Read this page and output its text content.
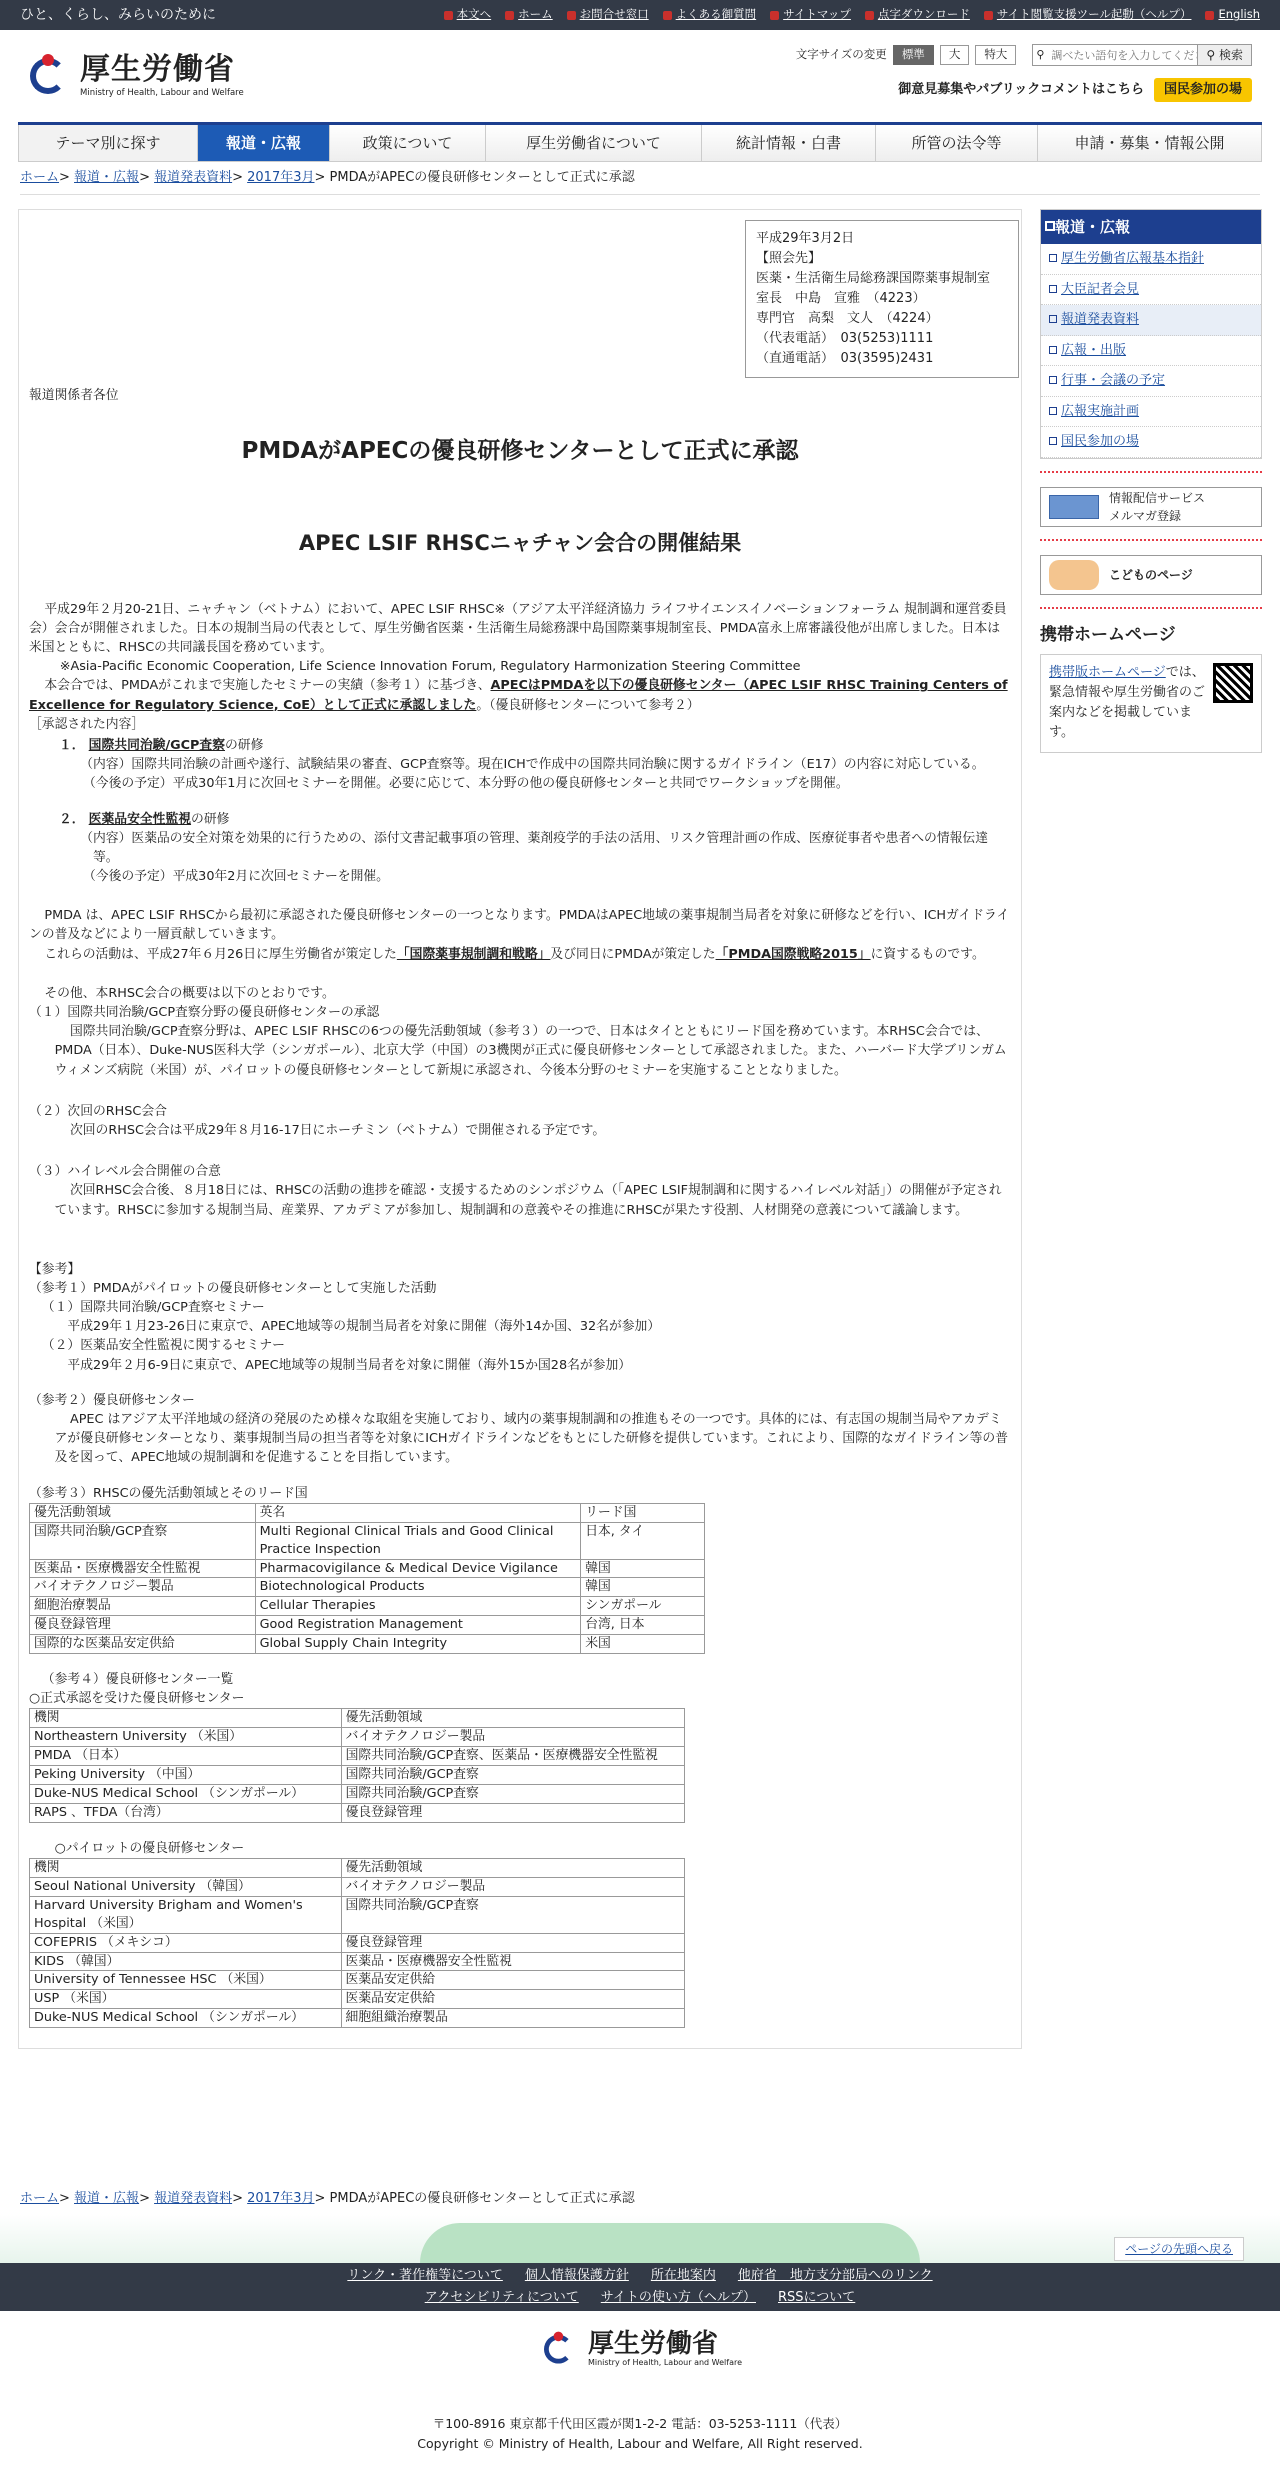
ひと、くらし、みらいのために	本文へ ホーム お問合せ窓口 よくある御質問 サイトマップ 点字ダウンロード サイト閲覧支援ツール起動（ヘルプ） English
厚生労働省
Ministry of Health, Labour and Welfare
文字サイズの変更	標準	大	特大	⚲
調べたい語句を入力してください	⚲ 検索
御意見募集やパブリックコメントはこちら	国民参加の場
テーマ別に探す	報道・広報	政策について	厚生労働省について	統計情報・白書	所管の法令等	申請・募集・情報公開
ホーム> 報道・広報> 報道発表資料> 2017年3月> PMDAがAPECの優良研修センターとして正式に承認
平成29年3月2日
【照会先】
医薬・生活衛生局総務課国際薬事規制室
室長　中島　宣雅　（4223）
専門官　高梨　文人　（4224）
（代表電話）　03(5253)1111
（直通電話）　03(3595)2431
報道関係者各位
PMDAがAPECの優良研修センターとして正式に承認
APEC LSIF RHSCニャチャン会合の開催結果
平成29年２月20-21日、ニャチャン（ベトナム）において、APEC LSIF RHSC※（アジア太平洋経済協力 ライフサイエンスイノベーションフォーラム 規制調和運営委員会）会合が開催されました。日本の規制当局の代表として、厚生労働省医薬・生活衛生局総務課中島国際薬事規制室長、PMDA富永上席審議役他が出席しました。日本は米国とともに、RHSCの共同議長国を務めています。
※Asia-Pacific Economic Cooperation, Life Science Innovation Forum, Regulatory Harmonization Steering Committee
本会合では、PMDAがこれまで実施したセミナーの実績（参考１）に基づき、APECはPMDAを以下の優良研修センター（APEC LSIF RHSC Training Centers of Excellence for Regulatory Science, CoE）として正式に承認しました。（優良研修センターについて参考２）
［承認された内容］
１． 国際共同治験/GCP査察の研修
（内容）国際共同治験の計画や遂行、試験結果の審査、GCP査察等。現在ICHで作成中の国際共同治験に関するガイドライン（E17）の内容に対応している。
（今後の予定）平成30年1月に次回セミナーを開催。必要に応じて、本分野の他の優良研修センターと共同でワークショップを開催。
２． 医薬品安全性監視の研修
（内容）医薬品の安全対策を効果的に行うための、添付文書記載事項の管理、薬剤疫学的手法の活用、リスク管理計画の作成、医療従事者や患者への情報伝達等。
（今後の予定）平成30年2月に次回セミナーを開催。
PMDA は、APEC LSIF RHSCから最初に承認された優良研修センターの一つとなります。PMDAはAPEC地域の薬事規制当局者を対象に研修などを行い、ICHガイドラインの普及などにより一層貢献していきます。
これらの活動は、平成27年６月26日に厚生労働省が策定した「国際薬事規制調和戦略」及び同日にPMDAが策定した「PMDA国際戦略2015」に資するものです。
その他、本RHSC会合の概要は以下のとおりです。
（１）国際共同治験/GCP査察分野の優良研修センターの承認
国際共同治験/GCP査察分野は、APEC LSIF RHSCの6つの優先活動領域（参考３）の一つで、日本はタイとともにリード国を務めています。本RHSC会合では、PMDA（日本）、Duke-NUS医科大学（シンガポール）、北京大学（中国）の3機関が正式に優良研修センターとして承認されました。また、ハーバード大学ブリンガムウィメンズ病院（米国）が、パイロットの優良研修センターとして新規に承認され、今後本分野のセミナーを実施することとなりました。
（２）次回のRHSC会合
次回のRHSC会合は平成29年８月16-17日にホーチミン（ベトナム）で開催される予定です。
（３）ハイレベル会合開催の合意
次回RHSC会合後、８月18日には、RHSCの活動の進捗を確認・支援するためのシンポジウム（「APEC LSIF規制調和に関するハイレベル対話」）の開催が予定されています。RHSCに参加する規制当局、産業界、アカデミアが参加し、規制調和の意義やその推進にRHSCが果たす役割、人材開発の意義について議論します。
【参考】
（参考１）PMDAがパイロットの優良研修センターとして実施した活動
（１）国際共同治験/GCP査察セミナー
平成29年１月23-26日に東京で、APEC地域等の規制当局者を対象に開催（海外14か国、32名が参加）
（２）医薬品安全性監視に関するセミナー
平成29年２月6-9日に東京で、APEC地域等の規制当局者を対象に開催（海外15か国28名が参加）
（参考２）優良研修センター
APEC はアジア太平洋地域の経済の発展のため様々な取組を実施しており、域内の薬事規制調和の推進もその一つです。具体的には、有志国の規制当局やアカデミアが優良研修センターとなり、薬事規制当局の担当者等を対象にICHガイドラインなどをもとにした研修を提供しています。これにより、国際的なガイドライン等の普及を図って、APEC地域の規制調和を促進することを目指しています。
（参考３）RHSCの優先活動領域とそのリード国
優先活動領域	英名	リード国
国際共同治験/GCP査察	Multi Regional Clinical Trials and Good Clinical Practice Inspection	日本, タイ
医薬品・医療機器安全性監視	Pharmacovigilance & Medical Device Vigilance	韓国
バイオテクノロジー製品	Biotechnological Products	韓国
細胞治療製品	Cellular Therapies	シンガポール
優良登録管理	Good Registration Management	台湾, 日本
国際的な医薬品安定供給	Global Supply Chain Integrity	米国
（参考４）優良研修センター一覧
○正式承認を受けた優良研修センター
機関	優先活動領域
Northeastern University （米国）	バイオテクノロジー製品
PMDA （日本）	国際共同治験/GCP査察、医薬品・医療機器安全性監視
Peking University （中国）	国際共同治験/GCP査察
Duke-NUS Medical School （シンガポール）	国際共同治験/GCP査察
RAPS 、TFDA（台湾）	優良登録管理
○パイロットの優良研修センター
機関	優先活動領域
Seoul National University （韓国）	バイオテクノロジー製品
Harvard University Brigham and Women's Hospital （米国）	国際共同治験/GCP査察
COFEPRIS （メキシコ）	優良登録管理
KIDS （韓国）	医薬品・医療機器安全性監視
University of Tennessee HSC （米国）	医薬品安定供給
USP （米国）	医薬品安定供給
Duke-NUS Medical School （シンガポール）	細胞組織治療製品
報道・広報
厚生労働省広報基本指針
大臣記者会見
報道発表資料
広報・出版
行事・会議の予定
広報実施計画
国民参加の場
情報配信サービス
メルマガ登録
こどものページ
携帯ホームページ
携帯版ホームページでは、緊急情報や厚生労働省のご案内などを掲載しています。
ホーム> 報道・広報> 報道発表資料> 2017年3月> PMDAがAPECの優良研修センターとして正式に承認
ページの先頭へ戻る
リンク・著作権等について 個人情報保護方針 所在地案内 他府省　地方支分部局へのリンク
アクセシビリティについて サイトの使い方（ヘルプ） RSSについて
厚生労働省
Ministry of Health, Labour and Welfare
〒100-8916 東京都千代田区霞が関1-2-2 電話：03-5253-1111（代表）
Copyright © Ministry of Health, Labour and Welfare, All Right reserved.
